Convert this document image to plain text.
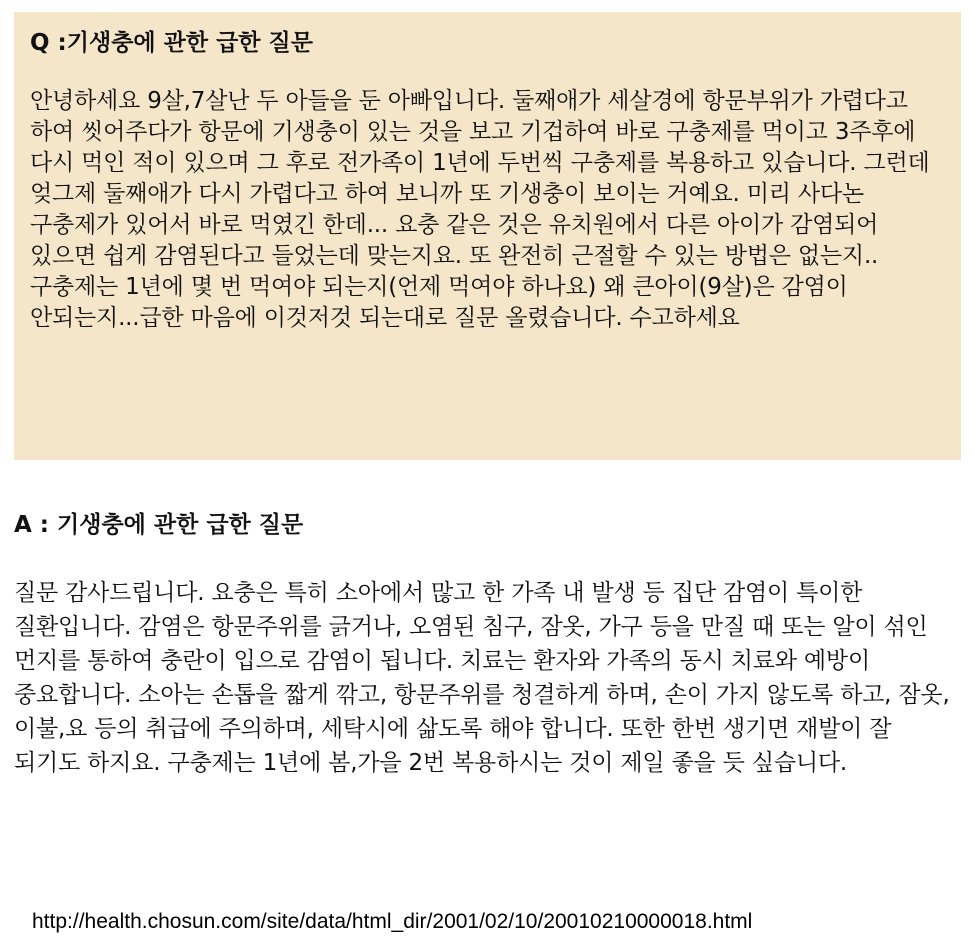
Q :기생충에 관한 급한 질문

안녕하세요 9살,7살난 두 아들을 둔 아빠입니다. 둘째애가 세살경에 항문부위가 가렵다고 하여 씻어주다가 항문에 기생충이 있는 것을 보고 기겁하여 바로 구충제를 먹이고 3주후에 다시 먹인 적이 있으며 그 후로 전가족이 1년에 두번씩 구충제를 복용하고 있습니다. 그런데 엊그제 둘째애가 다시 가렵다고 하여 보니까 또 기생충이 보이는 거예요. 미리 사다논 구충제가 있어서 바로 먹였긴 한데... 요충 같은 것은 유치원에서 다른 아이가 감염되어 있으면 쉽게 감염된다고 들었는데 맞는지요. 또 완전히 근절할 수 있는 방법은 없는지.. 구충제는 1년에 몇 번 먹여야 되는지(언제 먹여야 하나요) 왜 큰아이(9살)은 감염이 안되는지...급한 마음에 이것저것 되는대로 질문 올렸습니다. 수고하세요

A : 기생충에 관한 급한 질문

질문 감사드립니다. 요충은 특히 소아에서 많고 한 가족 내 발생 등 집단 감염이 특이한 질환입니다. 감염은 항문주위를 긁거나, 오염된 침구, 잠옷, 가구 등을 만질 때 또는 알이 섞인 먼지를 통하여 충란이 입으로 감염이 됩니다. 치료는 환자와 가족의 동시 치료와 예방이 중요합니다. 소아는 손톱을 짧게 깎고, 항문주위를 청결하게 하며, 손이 가지 않도록 하고, 잠옷, 이불,요 등의 취급에 주의하며, 세탁시에 삶도록 해야 합니다. 또한 한번 생기면 재발이 잘 되기도 하지요. 구충제는 1년에 봄,가을 2번 복용하시는 것이 제일 좋을 듯 싶습니다.

http://health.chosun.com/site/data/html_dir/2001/02/10/20010210000018.html
